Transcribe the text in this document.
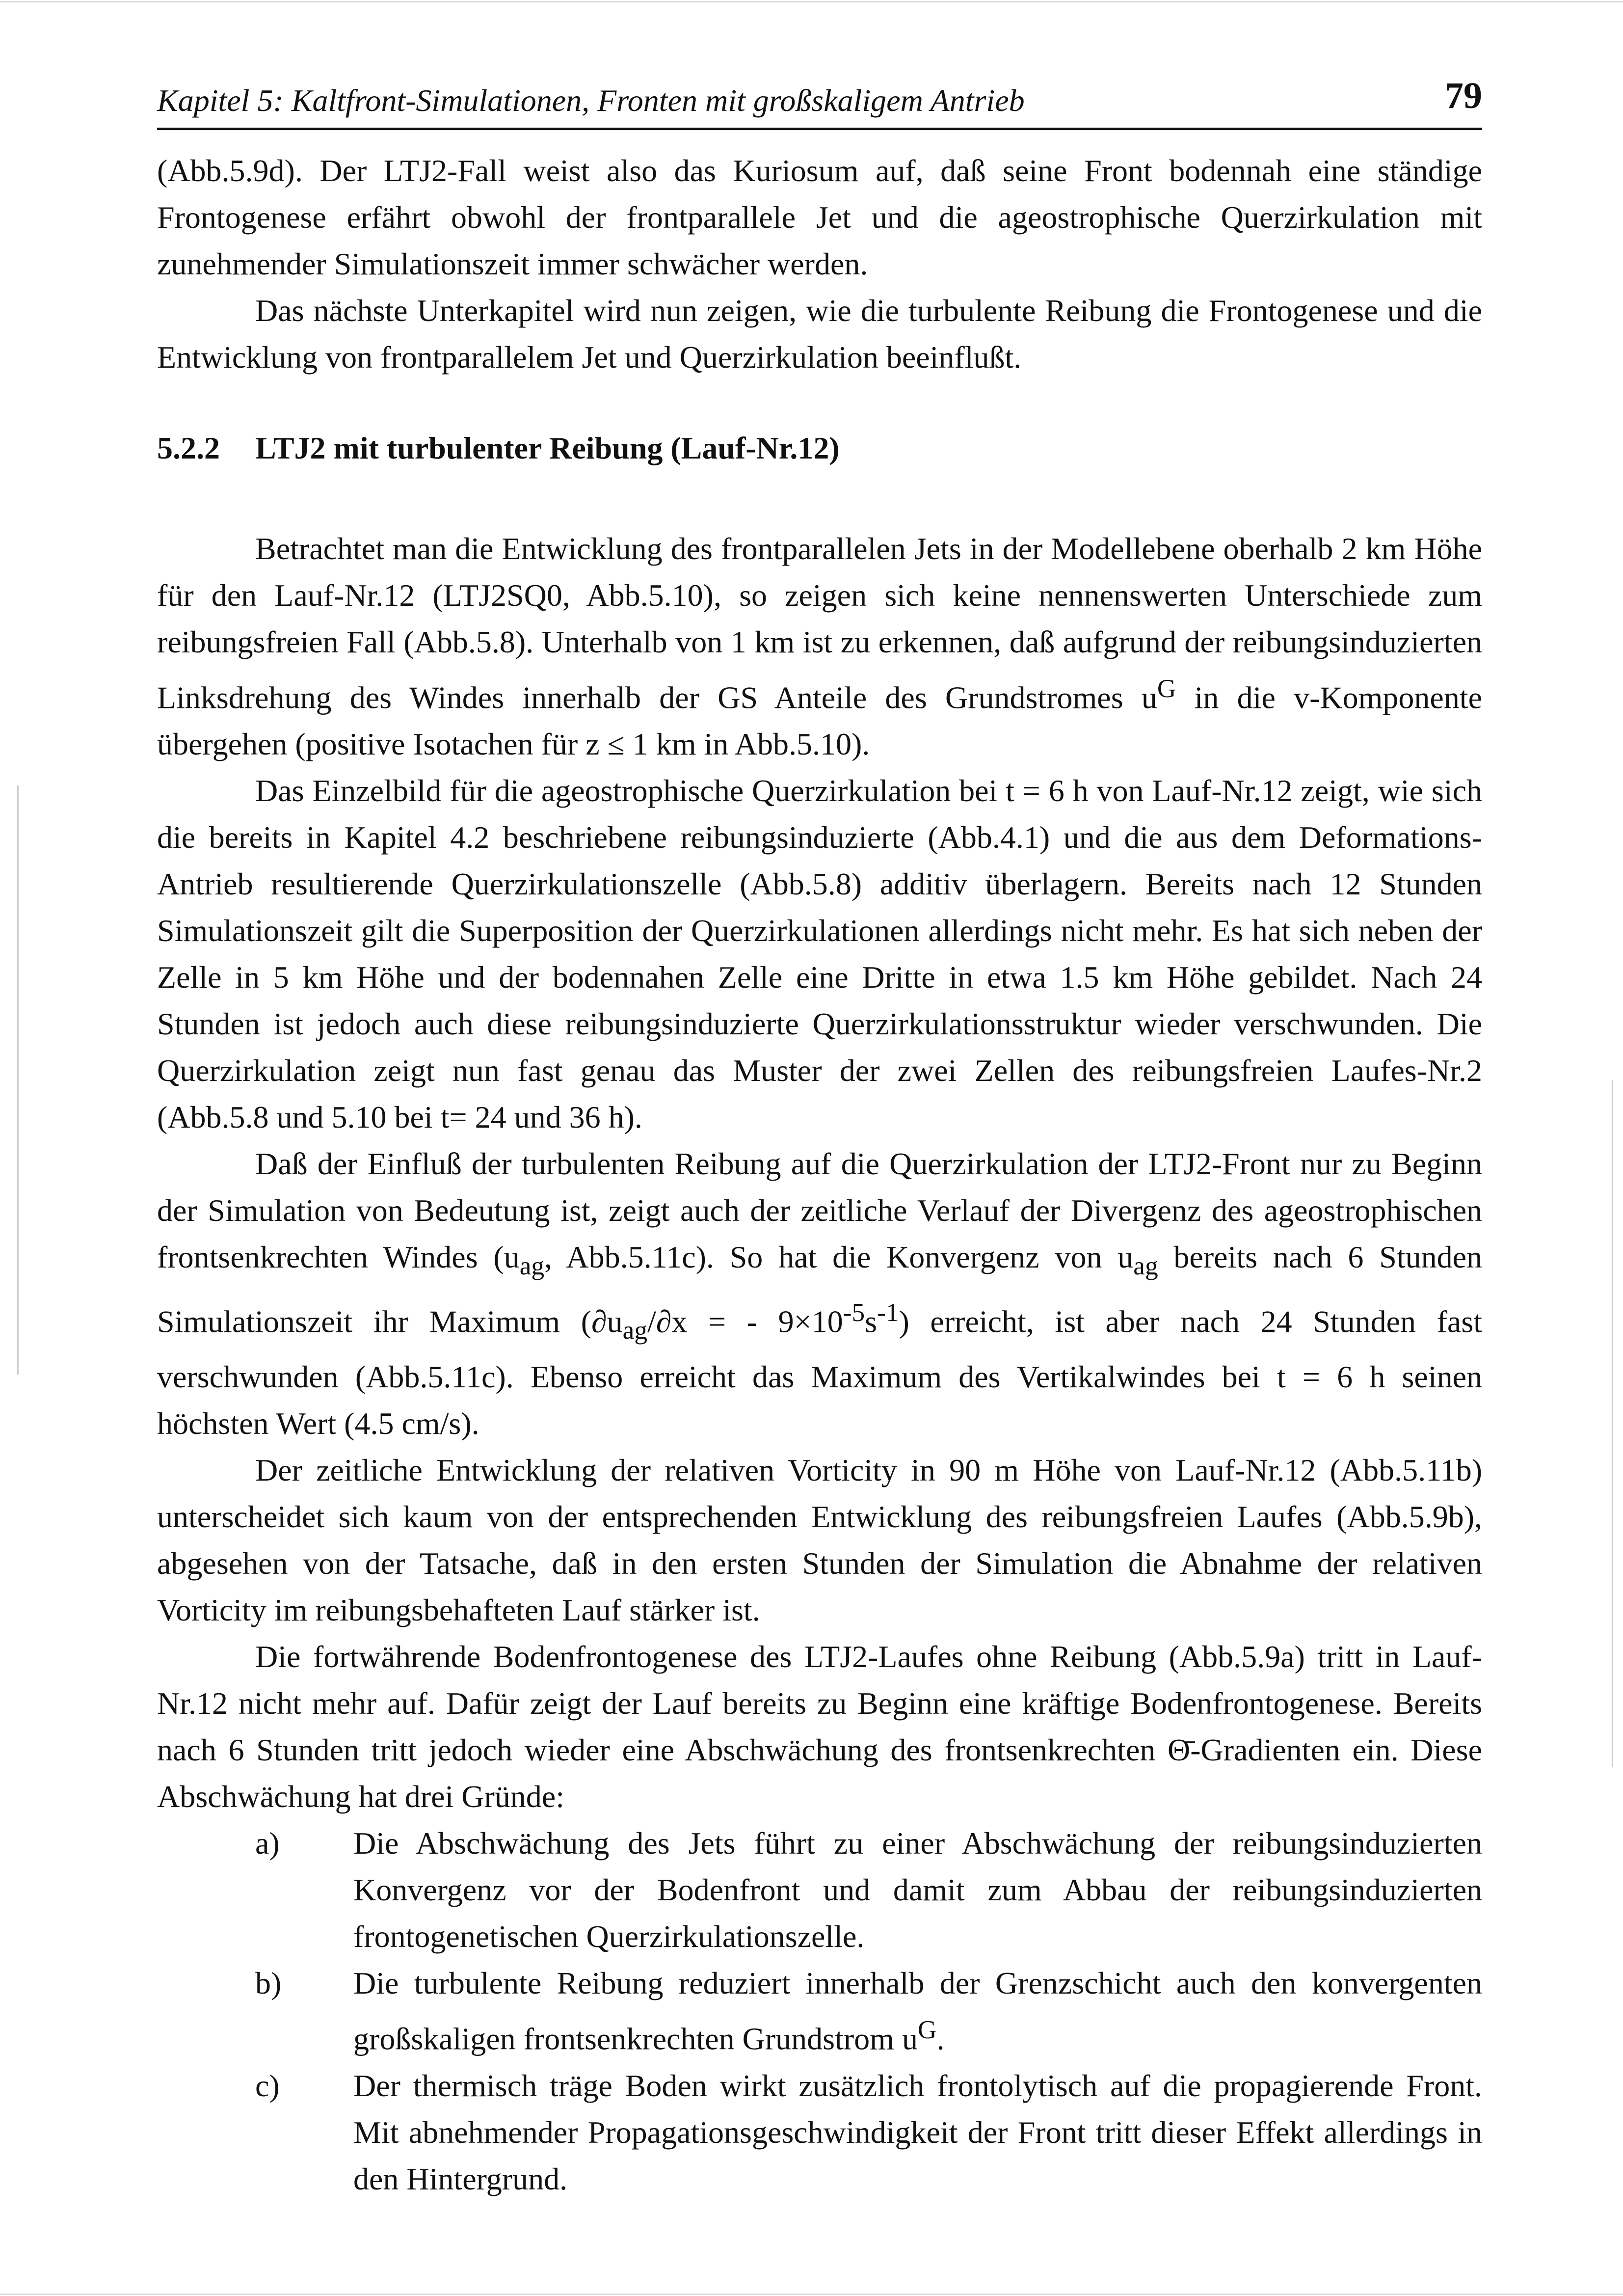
Kapitel 5: Kaltfront-Simulationen, Fronten mit großskaligem Antrieb	79

(Abb.5.9d). Der LTJ2-Fall weist also das Kuriosum auf, daß seine Front bodennah eine ständige Frontogenese erfährt obwohl der frontparallele Jet und die ageostrophische Querzirkulation mit zunehmender Simulationszeit immer schwächer werden.

Das nächste Unterkapitel wird nun zeigen, wie die turbulente Reibung die Frontogenese und die Entwicklung von frontparallelem Jet und Querzirkulation beeinflußt.

5.2.2 LTJ2 mit turbulenter Reibung (Lauf-Nr.12)

Betrachtet man die Entwicklung des frontparallelen Jets in der Modellebene oberhalb 2 km Höhe für den Lauf-Nr.12 (LTJ2SQ0, Abb.5.10), so zeigen sich keine nennenswerten Unterschiede zum reibungsfreien Fall (Abb.5.8). Unterhalb von 1 km ist zu erkennen, daß aufgrund der reibungsinduzierten Linksdrehung des Windes innerhalb der GS Anteile des Grundstromes $u^G$ in die v-Komponente übergehen (positive Isotachen für z ≤ 1 km in Abb.5.10).

Das Einzelbild für die ageostrophische Querzirkulation bei t = 6 h von Lauf-Nr.12 zeigt, wie sich die bereits in Kapitel 4.2 beschriebene reibungsinduzierte (Abb.4.1) und die aus dem Deformations-Antrieb resultierende Querzirkulationszelle (Abb.5.8) additiv überlagern. Bereits nach 12 Stunden Simulationszeit gilt die Superposition der Querzirkulationen allerdings nicht mehr. Es hat sich neben der Zelle in 5 km Höhe und der bodennahen Zelle eine Dritte in etwa 1.5 km Höhe gebildet. Nach 24 Stunden ist jedoch auch diese reibungsinduzierte Querzirkulationsstruktur wieder verschwunden. Die Querzirkulation zeigt nun fast genau das Muster der zwei Zellen des reibungsfreien Laufes-Nr.2 (Abb.5.8 und 5.10 bei t= 24 und 36 h).

Daß der Einfluß der turbulenten Reibung auf die Querzirkulation der LTJ2-Front nur zu Beginn der Simulation von Bedeutung ist, zeigt auch der zeitliche Verlauf der Divergenz des ageostrophischen frontsenkrechten Windes ($u_{ag}$, Abb.5.11c). So hat die Konvergenz von $u_{ag}$ bereits nach 6 Stunden Simulationszeit ihr Maximum ($\partial u_{ag}/\partial x$ = - $9\times 10^{-5}s^{-1}$) erreicht, ist aber nach 24 Stunden fast verschwunden (Abb.5.11c). Ebenso erreicht das Maximum des Vertikalwindes bei t = 6 h seinen höchsten Wert (4.5 cm/s).

Der zeitliche Entwicklung der relativen Vorticity in 90 m Höhe von Lauf-Nr.12 (Abb.5.11b) unterscheidet sich kaum von der entsprechenden Entwicklung des reibungsfreien Laufes (Abb.5.9b), abgesehen von der Tatsache, daß in den ersten Stunden der Simulation die Abnahme der relativen Vorticity im reibungsbehafteten Lauf stärker ist.

Die fortwährende Bodenfrontogenese des LTJ2-Laufes ohne Reibung (Abb.5.9a) tritt in Lauf-Nr.12 nicht mehr auf. Dafür zeigt der Lauf bereits zu Beginn eine kräftige Bodenfrontogenese. Bereits nach 6 Stunden tritt jedoch wieder eine Abschwächung des frontsenkrechten Θ̄-Gradienten ein. Diese Abschwächung hat drei Gründe:

a)	Die Abschwächung des Jets führt zu einer Abschwächung der reibungsinduzierten Konvergenz vor der Bodenfront und damit zum Abbau der reibungsinduzierten frontogenetischen Querzirkulationszelle.
b)	Die turbulente Reibung reduziert innerhalb der Grenzschicht auch den konvergenten großskaligen frontsenkrechten Grundstrom $u^G$.
c)	Der thermisch träge Boden wirkt zusätzlich frontolytisch auf die propagierende Front. Mit abnehmender Propagationsgeschwindigkeit der Front tritt dieser Effekt allerdings in den Hintergrund.
